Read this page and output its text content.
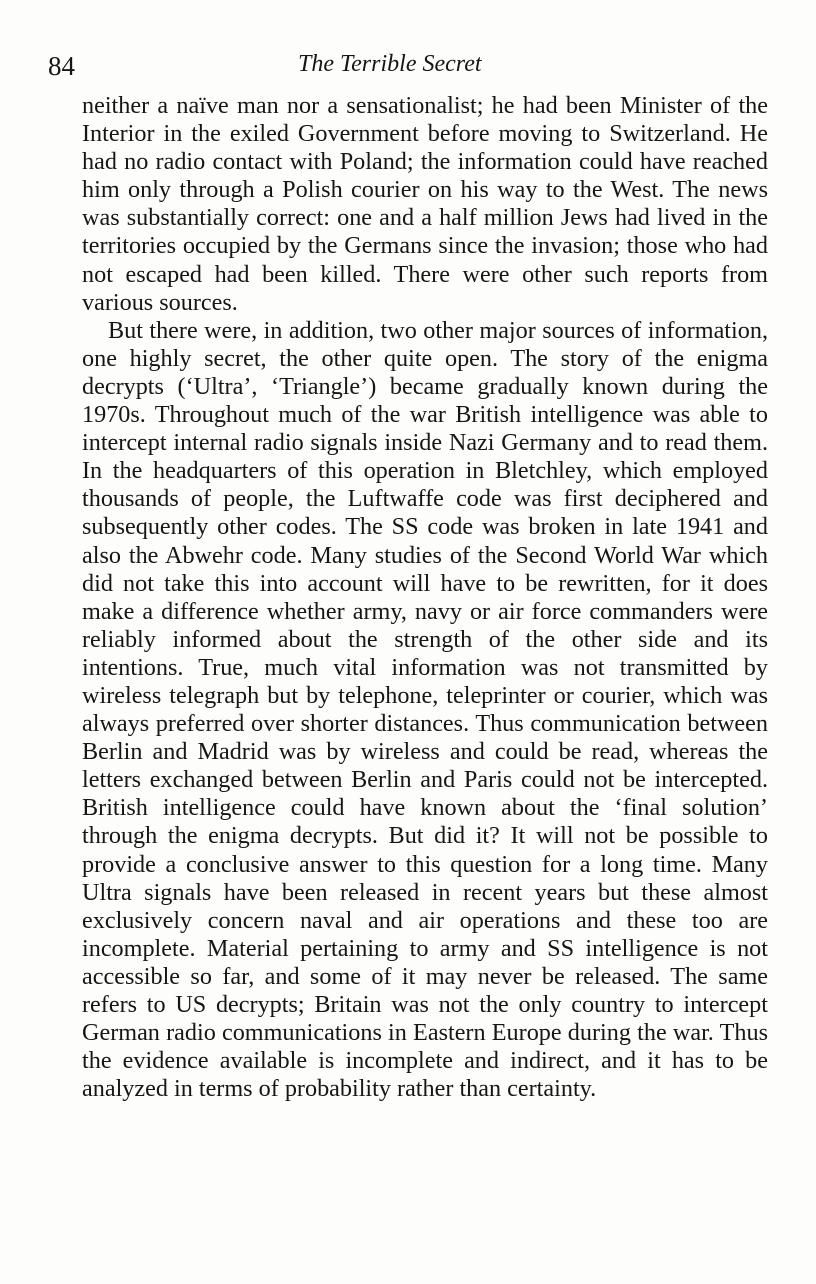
84	The Terrible Secret

neither a naïve man nor a sensationalist; he had been Minister of the Interior in the exiled Government before moving to Switzerland. He had no radio contact with Poland; the information could have reached him only through a Polish courier on his way to the West. The news was substantially correct: one and a half million Jews had lived in the territories occupied by the Germans since the invasion; those who had not escaped had been killed. There were other such reports from various sources.

But there were, in addition, two other major sources of information, one highly secret, the other quite open. The story of the enigma decrypts (‘Ultra’, ‘Triangle’) became gradually known during the 1970s. Throughout much of the war British intelligence was able to intercept internal radio signals inside Nazi Germany and to read them. In the headquarters of this operation in Bletchley, which employed thousands of people, the Luftwaffe code was first deciphered and subsequently other codes. The SS code was broken in late 1941 and also the Abwehr code. Many studies of the Second World War which did not take this into account will have to be rewritten, for it does make a difference whether army, navy or air force commanders were reliably informed about the strength of the other side and its intentions. True, much vital information was not transmitted by wireless telegraph but by telephone, teleprinter or courier, which was always preferred over shorter distances. Thus communication between Berlin and Madrid was by wireless and could be read, whereas the letters exchanged between Berlin and Paris could not be intercepted. British intelligence could have known about the ‘final solution’ through the enigma decrypts. But did it? It will not be possible to provide a conclusive answer to this question for a long time. Many Ultra signals have been released in recent years but these almost exclusively concern naval and air operations and these too are incomplete. Material pertaining to army and SS intelligence is not accessible so far, and some of it may never be released. The same refers to US decrypts; Britain was not the only country to intercept German radio communications in Eastern Europe during the war. Thus the evidence available is incomplete and indirect, and it has to be analyzed in terms of probability rather than certainty.
